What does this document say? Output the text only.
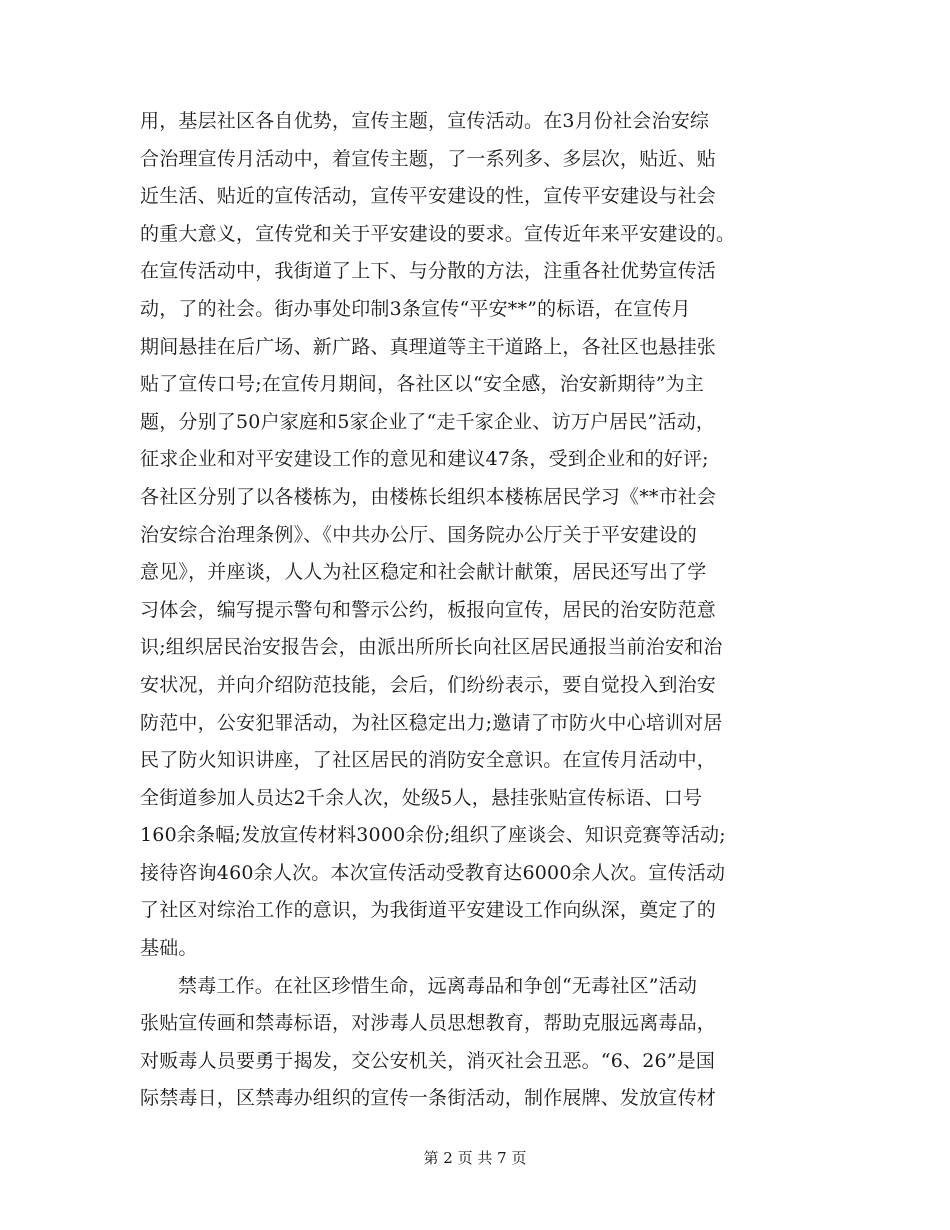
用，基层社区各自优势，宣传主题，宣传活动。在3月份社会治安综
合治理宣传月活动中，着宣传主题，了一系列多、多层次，贴近、贴
近生活、贴近的宣传活动，宣传平安建设的性，宣传平安建设与社会
的重大意义，宣传党和关于平安建设的要求。宣传近年来平安建设的。
在宣传活动中，我街道了上下、与分散的方法，注重各社优势宣传活
动，了的社会。街办事处印制3条宣传“平安**”的标语，在宣传月
期间悬挂在后广场、新广路、真理道等主干道路上，各社区也悬挂张
贴了宣传口号;在宣传月期间，各社区以“安全感，治安新期待”为主
题，分别了50户家庭和5家企业了“走千家企业、访万户居民”活动，
征求企业和对平安建设工作的意见和建议47条，受到企业和的好评;
各社区分别了以各楼栋为，由楼栋长组织本楼栋居民学习《**市社会
治安综合治理条例》、《中共办公厅、国务院办公厅关于平安建设的
意见》，并座谈，人人为社区稳定和社会献计献策，居民还写出了学
习体会，编写提示警句和警示公约，板报向宣传，居民的治安防范意
识;组织居民治安报告会，由派出所所长向社区居民通报当前治安和治
安状况，并向介绍防范技能，会后，们纷纷表示，要自觉投入到治安
防范中，公安犯罪活动，为社区稳定出力;邀请了市防火中心培训对居
民了防火知识讲座，了社区居民的消防安全意识。在宣传月活动中，
全街道参加人员达2千余人次，处级5人，悬挂张贴宣传标语、口号
160余条幅;发放宣传材料3000余份;组织了座谈会、知识竞赛等活动;
接待咨询460余人次。本次宣传活动受教育达6000余人次。宣传活动
了社区对综治工作的意识，为我街道平安建设工作向纵深，奠定了的
基础。
禁毒工作。在社区珍惜生命，远离毒品和争创“无毒社区”活动
张贴宣传画和禁毒标语，对涉毒人员思想教育，帮助克服远离毒品，
对贩毒人员要勇于揭发，交公安机关，消灭社会丑恶。“6、26”是国
际禁毒日，区禁毒办组织的宣传一条街活动，制作展牌、发放宣传材
第 2 页 共 7 页
